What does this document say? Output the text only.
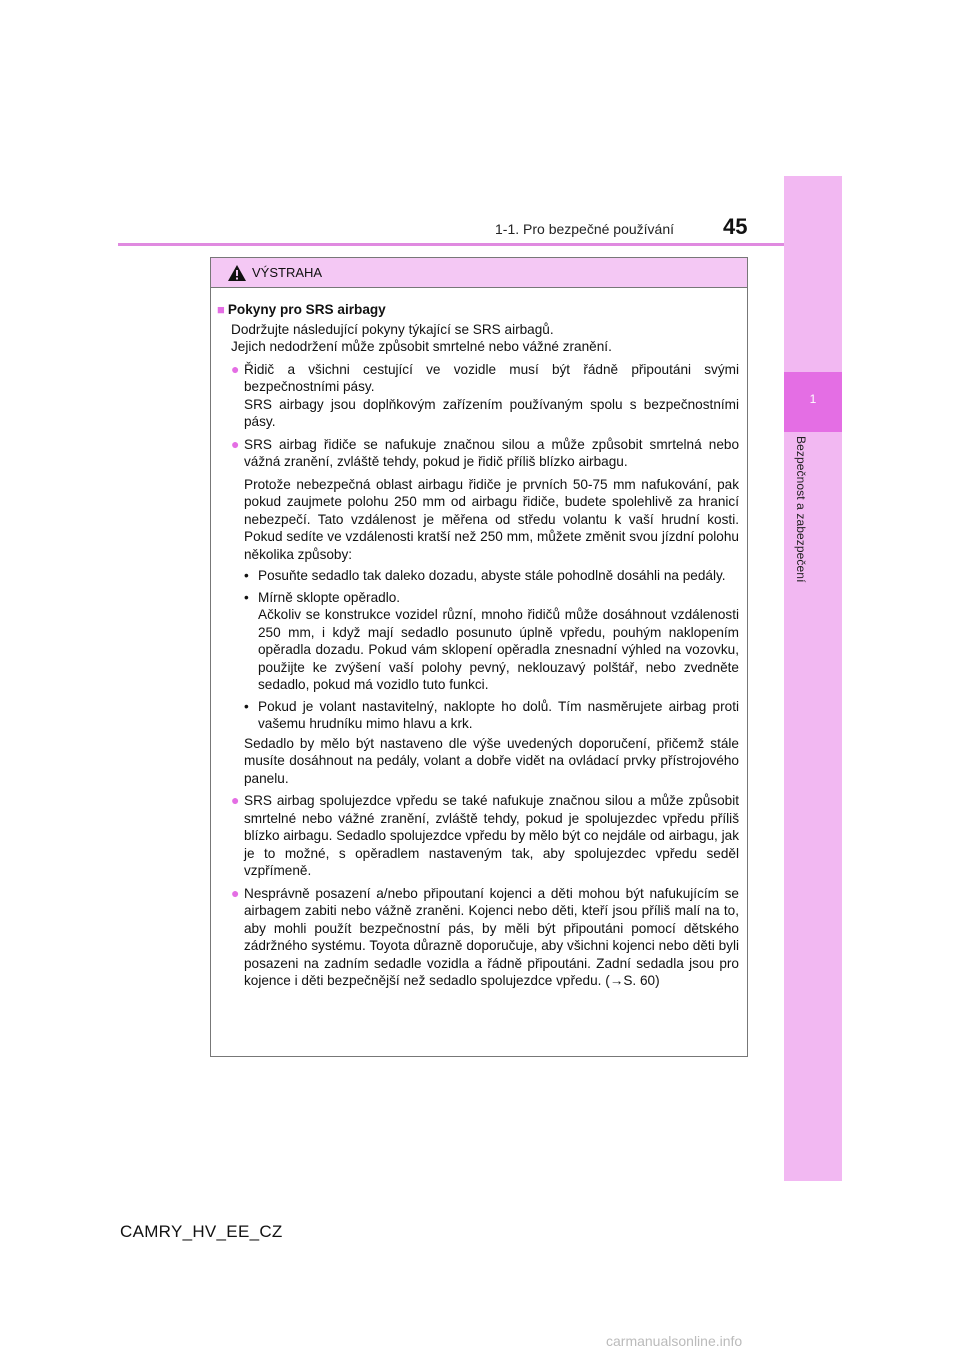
1
Bezpečnost a zabezpečení
1-1. Pro bezpečné používání 45
VÝSTRAHA
■ Pokyny pro SRS airbagy
Dodržujte následující pokyny týkající se SRS airbagů.
Jejich nedodržení může způsobit smrtelné nebo vážné zranění.
● Řidič a všichni cestující ve vozidle musí být řádně připoutáni svými bezpečnostními pásy.
SRS airbagy jsou doplňkovým zařízením používaným spolu s bezpečnostními pásy.
● SRS airbag řidiče se nafukuje značnou silou a může způsobit smrtelná nebo vážná zranění, zvláště tehdy, pokud je řidič příliš blízko airbagu.
Protože nebezpečná oblast airbagu řidiče je prvních 50-75 mm nafukování, pak pokud zaujmete polohu 250 mm od airbagu řidiče, budete spolehlivě za hranicí nebezpečí. Tato vzdálenost je měřena od středu volantu k vaší hrudní kosti. Pokud sedíte ve vzdálenosti kratší než 250 mm, můžete změnit svou jízdní polohu několika způsoby:
• Posuňte sedadlo tak daleko dozadu, abyste stále pohodlně dosáhli na pedály.
• Mírně sklopte opěradlo.
Ačkoliv se konstrukce vozidel různí, mnoho řidičů může dosáhnout vzdálenosti 250 mm, i když mají sedadlo posunuto úplně vpředu, pouhým naklopením opěradla dozadu. Pokud vám sklopení opěradla znesnadní výhled na vozovku, použijte ke zvýšení vaší polohy pevný, neklouzavý polštář, nebo zvedněte sedadlo, pokud má vozidlo tuto funkci.
• Pokud je volant nastavitelný, naklopte ho dolů. Tím nasměrujete airbag proti vašemu hrudníku mimo hlavu a krk.
Sedadlo by mělo být nastaveno dle výše uvedených doporučení, přičemž stále musíte dosáhnout na pedály, volant a dobře vidět na ovládací prvky přístrojového panelu.
● SRS airbag spolujezdce vpředu se také nafukuje značnou silou a může způsobit smrtelné nebo vážné zranění, zvláště tehdy, pokud je spolujezdec vpředu příliš blízko airbagu. Sedadlo spolujezdce vpředu by mělo být co nejdále od airbagu, jak je to možné, s opěradlem nastaveným tak, aby spolujezdec vpředu seděl vzpřímeně.
● Nesprávně posazení a/nebo připoutaní kojenci a děti mohou být nafukujícím se airbagem zabiti nebo vážně zraněni. Kojenci nebo děti, kteří jsou příliš malí na to, aby mohli použít bezpečnostní pás, by měli být připoutáni pomocí dětského zádržného systému. Toyota důrazně doporučuje, aby všichni kojenci nebo děti byli posazeni na zadním sedadle vozidla a řádně připoutáni. Zadní sedadla jsou pro kojence i děti bezpečnější než sedadlo spolujezdce vpředu. (→S. 60)
CAMRY_HV_EE_CZ
carmanualsonline.info
